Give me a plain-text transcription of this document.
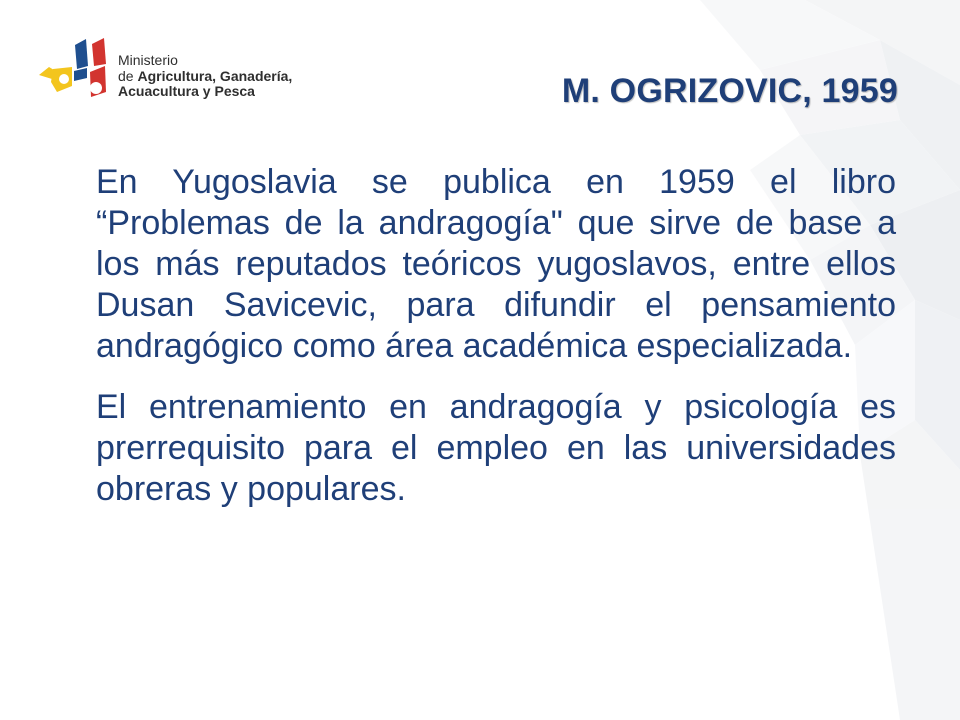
Ministerio
de Agricultura, Ganadería,
Acuacultura y Pesca	M. OGRIZOVIC, 1959

En Yugoslavia se publica en 1959 el libro “Problemas de la andragogía" que sirve de base a los más reputados teóricos yugoslavos, entre ellos Dusan Savicevic, para difundir el pensamiento andragógico como área académica especializada.

El entrenamiento en andragogía y psicología es prerrequisito para el empleo en las universidades obreras y populares.
